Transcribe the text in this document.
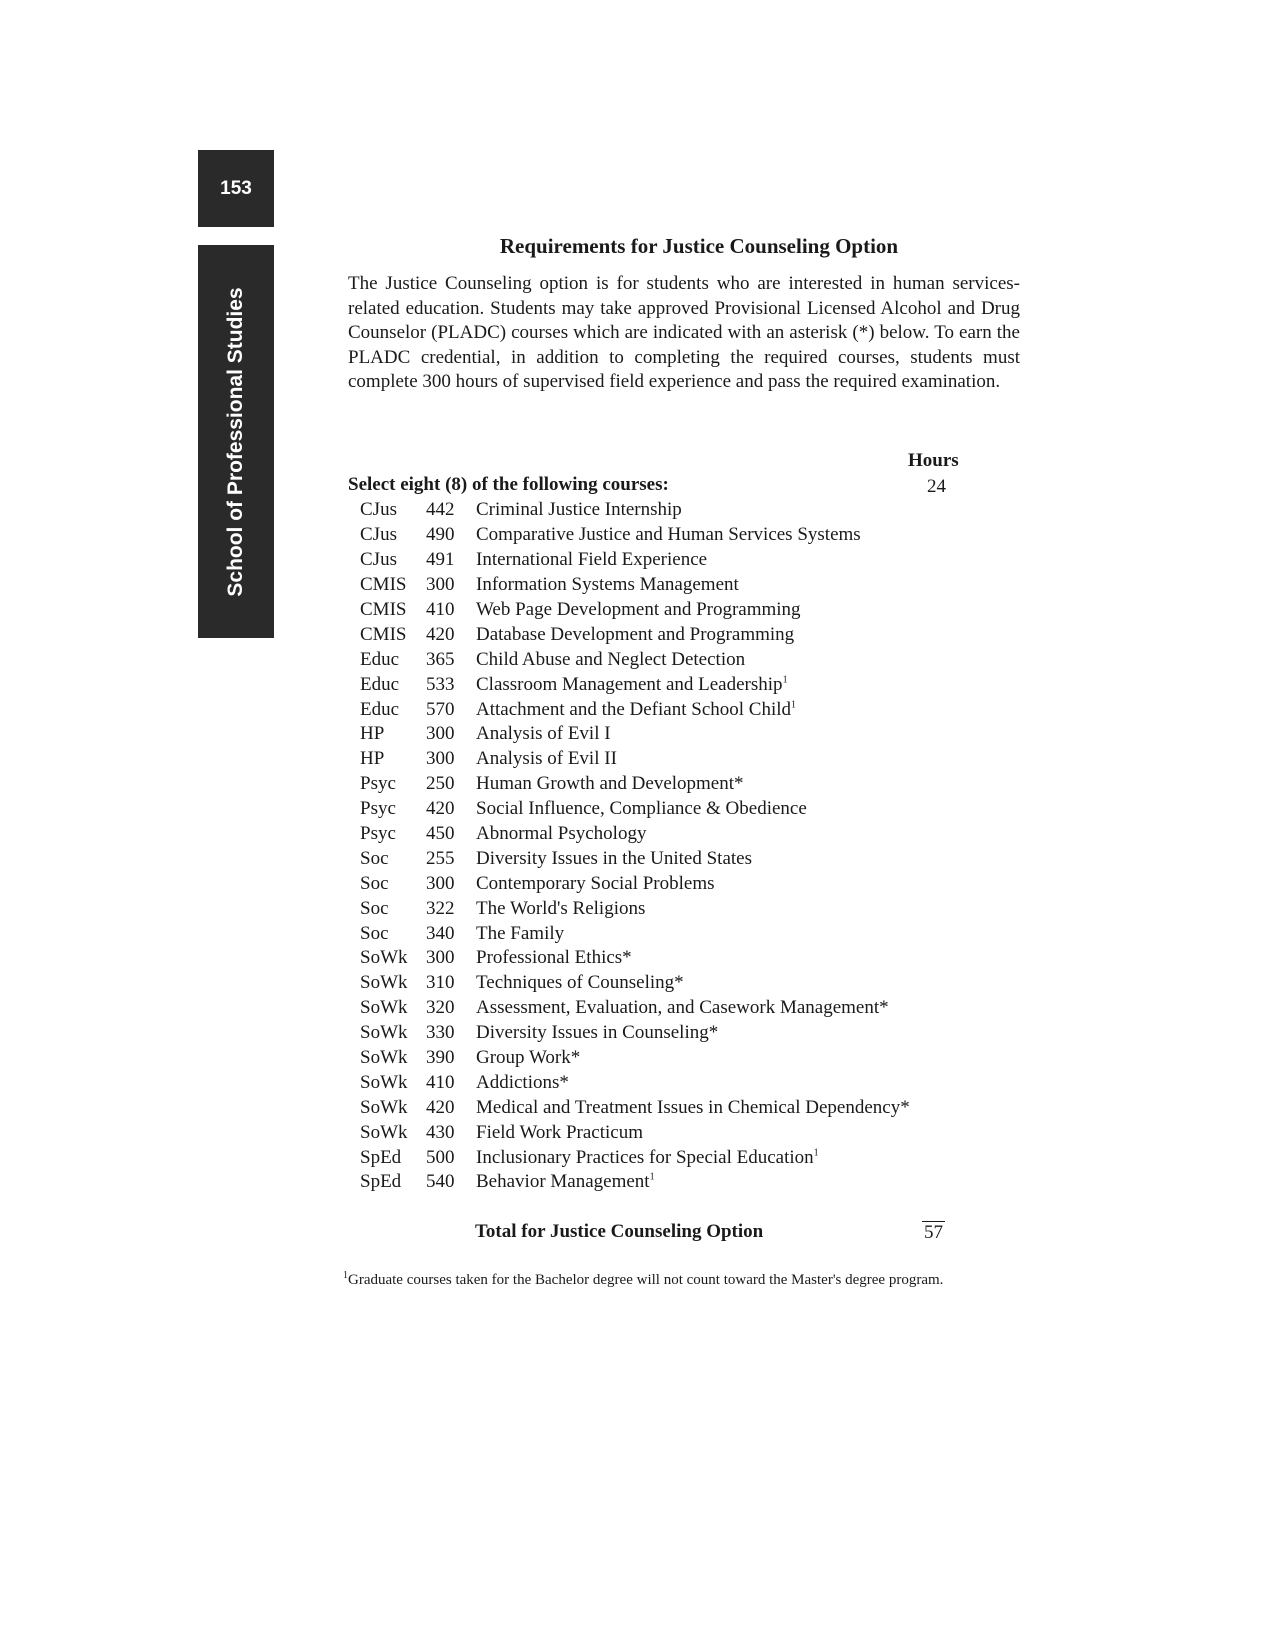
153
School of Professional Studies
Requirements for Justice Counseling Option

The Justice Counseling option is for students who are interested in human services-related education. Students may take approved Provisional Licensed Alcohol and Drug Counselor (PLADC) courses which are indicated with an asterisk (*) below. To earn the PLADC credential, in addition to completing the required courses, students must complete 300 hours of supervised field experience and pass the required examination.

Hours
Select eight (8) of the following courses:	24
CJus	442	Criminal Justice Internship
CJus	490	Comparative Justice and Human Services Systems
CJus	491	International Field Experience
CMIS	300	Information Systems Management
CMIS	410	Web Page Development and Programming
CMIS	420	Database Development and Programming
Educ	365	Child Abuse and Neglect Detection
Educ	533	Classroom Management and Leadership$^1$
Educ	570	Attachment and the Defiant School Child$^1$
HP	300	Analysis of Evil I
HP	300	Analysis of Evil II
Psyc	250	Human Growth and Development*
Psyc	420	Social Influence, Compliance & Obedience
Psyc	450	Abnormal Psychology
Soc	255	Diversity Issues in the United States
Soc	300	Contemporary Social Problems
Soc	322	The World's Religions
Soc	340	The Family
SoWk 300	Professional Ethics*
SoWk 310	Techniques of Counseling*
SoWk 320	Assessment, Evaluation, and Casework Management*
SoWk 330	Diversity Issues in Counseling*
SoWk 390	Group Work*
SoWk 410	Addictions*
SoWk 420	Medical and Treatment Issues in Chemical Dependency*
SoWk 430	Field Work Practicum
SpEd	500	Inclusionary Practices for Special Education$^1$
SpEd	540	Behavior Management$^1$
Total for Justice Counseling Option	57
$^1$Graduate courses taken for the Bachelor degree will not count toward the Master's degree program.
